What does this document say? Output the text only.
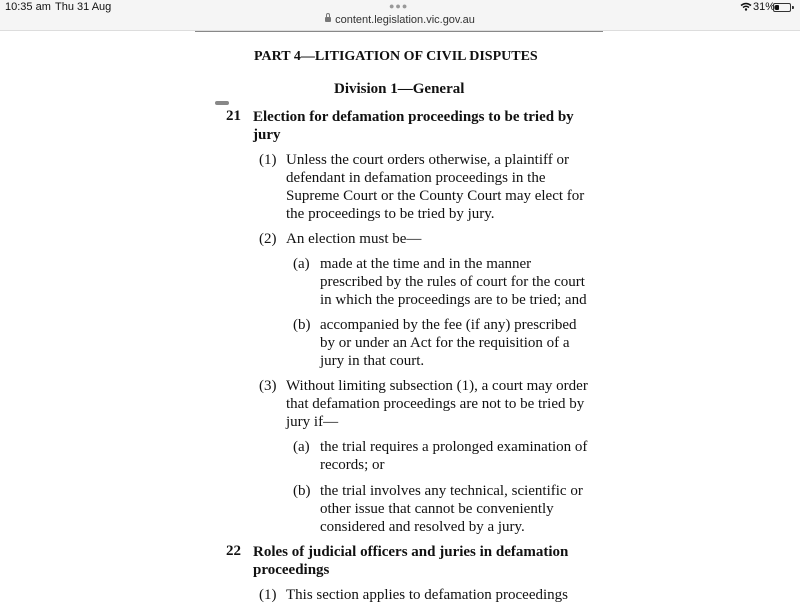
10:35 am Thu 31 Aug	●●●
content.legislation.vic.gov.au
31%
PART 4—LITIGATION OF CIVIL DISPUTES
Division 1—General
21 Election for defamation proceedings to be tried by
jury
(1) Unless the court orders otherwise, a plaintiff or
defendant in defamation proceedings in the
Supreme Court or the County Court may elect for
the proceedings to be tried by jury.
(2) An election must be—
(a) made at the time and in the manner
prescribed by the rules of court for the court
in which the proceedings are to be tried; and
(b) accompanied by the fee (if any) prescribed
by or under an Act for the requisition of a
jury in that court.
(3) Without limiting subsection (1), a court may order
that defamation proceedings are not to be tried by
jury if—
(a) the trial requires a prolonged examination of
records; or
(b) the trial involves any technical, scientific or
other issue that cannot be conveniently
considered and resolved by a jury.
22 Roles of judicial officers and juries in defamation
proceedings
(1) This section applies to defamation proceedings
